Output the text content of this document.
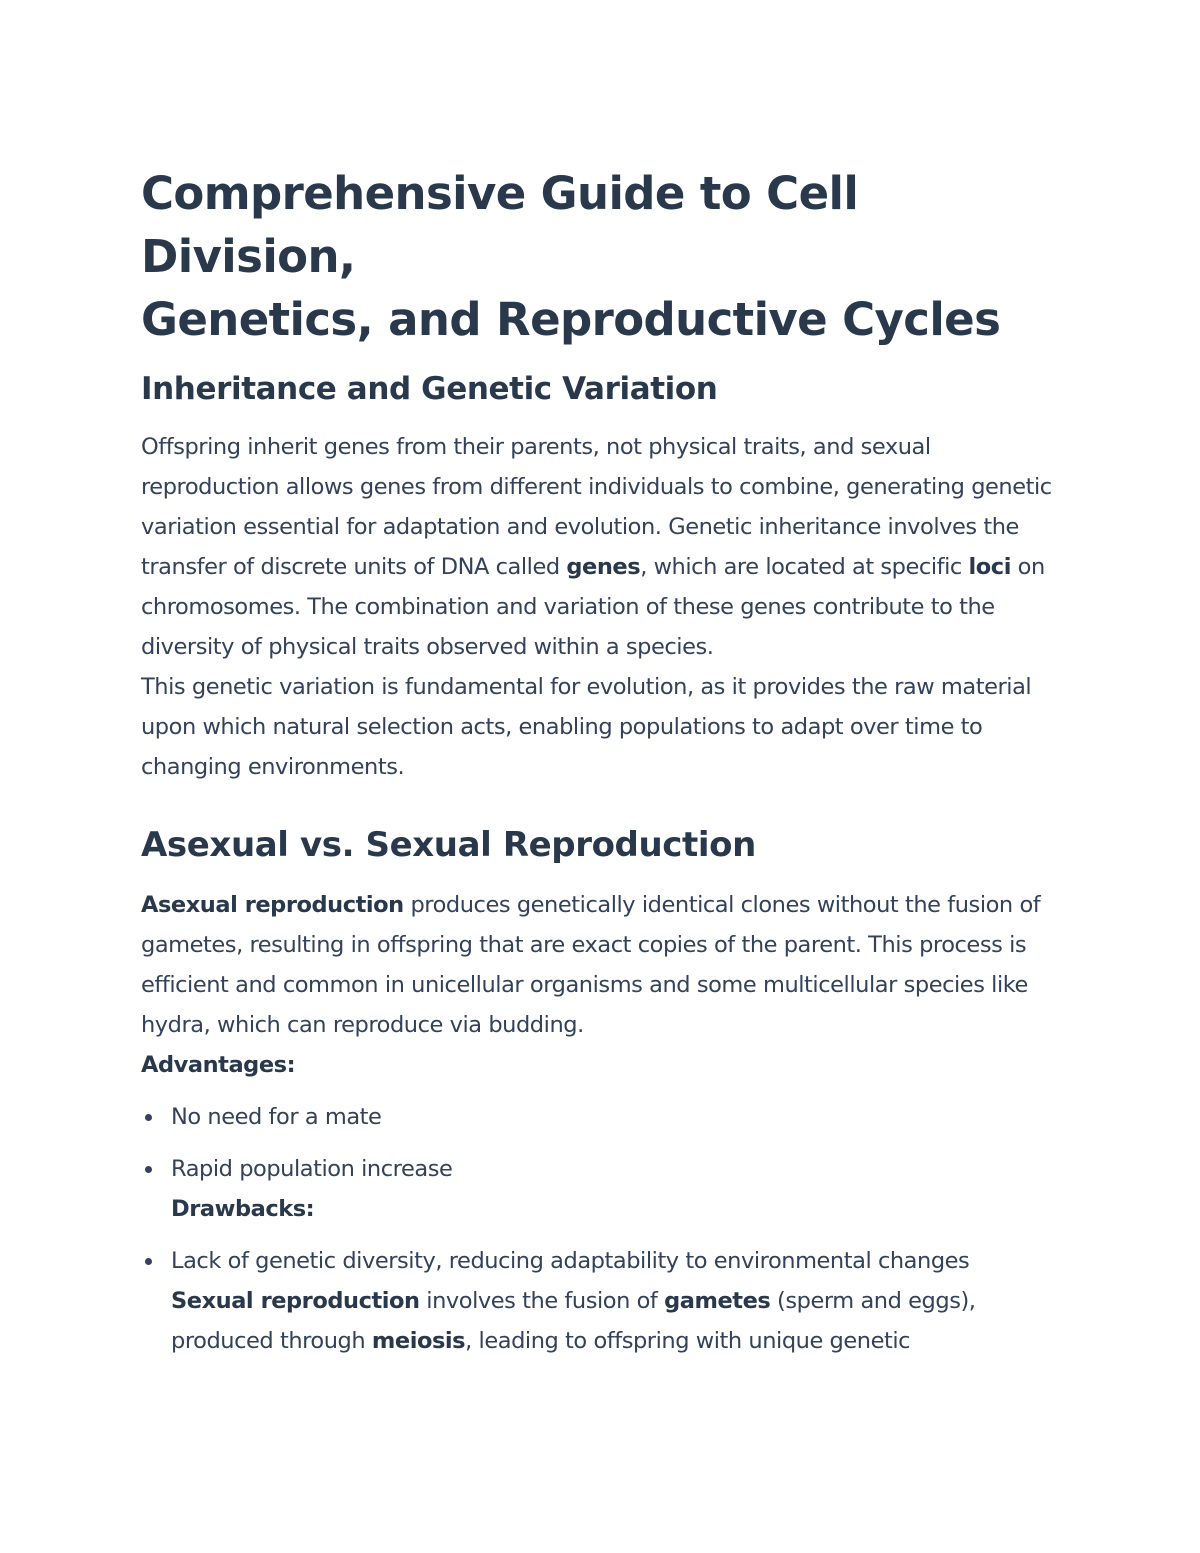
Comprehensive Guide to Cell Division,
Genetics, and Reproductive Cycles
Inheritance and Genetic Variation

Offspring inherit genes from their parents, not physical traits, and sexual reproduction allows genes from different individuals to combine, generating genetic variation essential for adaptation and evolution. Genetic inheritance involves the transfer of discrete units of DNA called genes, which are located at specific loci on chromosomes. The combination and variation of these genes contribute to the diversity of physical traits observed within a species.

This genetic variation is fundamental for evolution, as it provides the raw material upon which natural selection acts, enabling populations to adapt over time to changing environments.

Asexual vs. Sexual Reproduction

Asexual reproduction produces genetically identical clones without the fusion of gametes, resulting in offspring that are exact copies of the parent. This process is efficient and common in unicellular organisms and some multicellular species like hydra, which can reproduce via budding.
Advantages:

No need for a mate
Rapid population increase
Drawbacks:
Lack of genetic diversity, reducing adaptability to environmental changes
Sexual reproduction involves the fusion of gametes (sperm and eggs), produced through meiosis, leading to offspring with unique genetic
